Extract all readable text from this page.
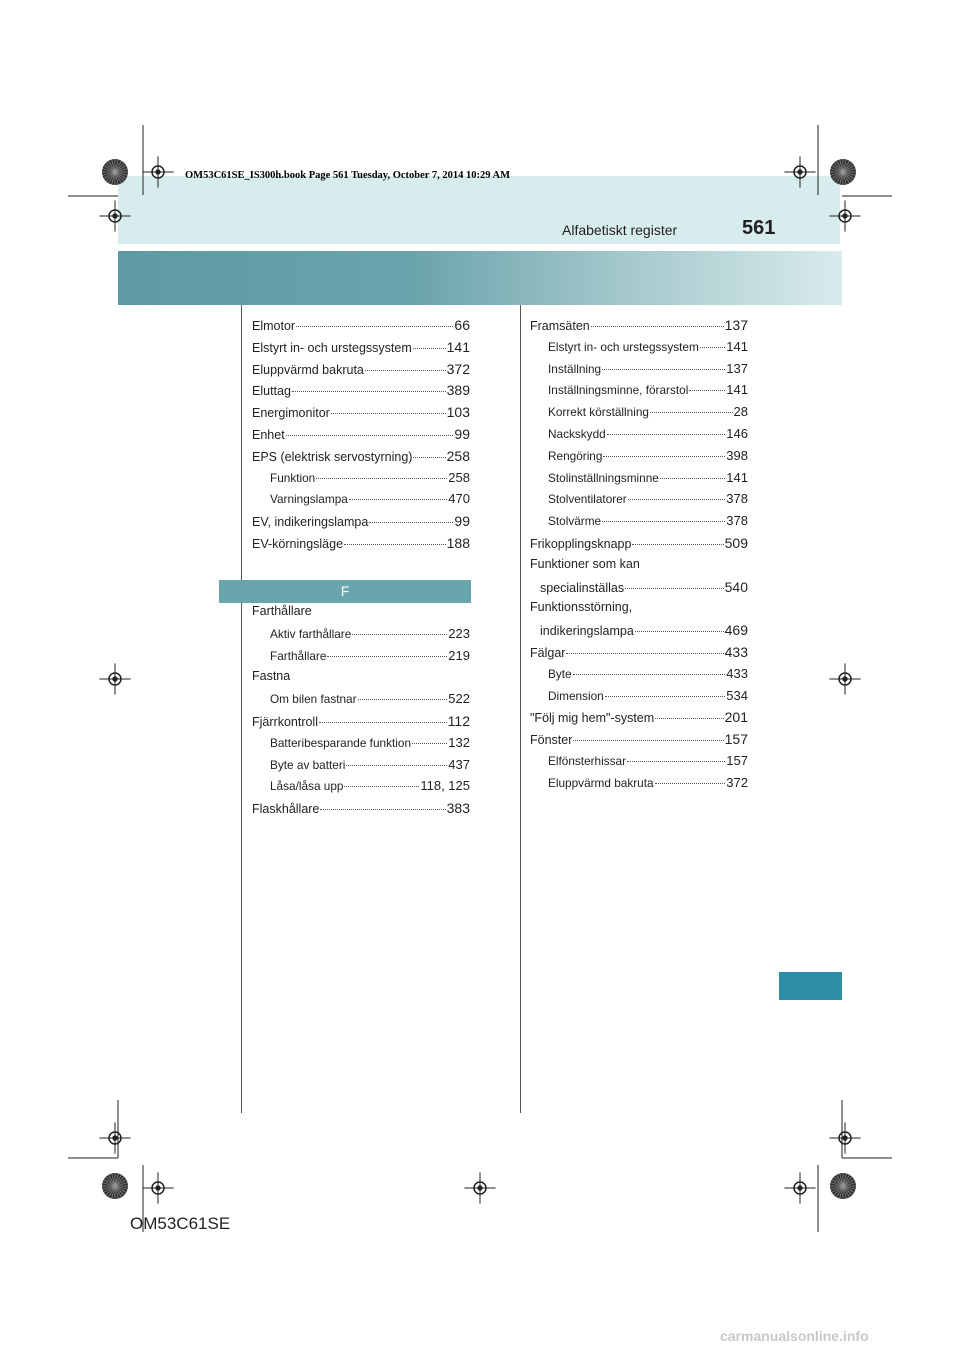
OM53C61SE_IS300h.book Page 561 Tuesday, October 7, 2014 10:29 AM
Alfabetiskt register	561
Elmotor	66
Elstyrt in- och urstegssystem 141
Eluppvärmd bakruta	372
Eluttag	389
Energimonitor	103
Enhet	99
EPS (elektrisk servostyrning) 258
Funktion	258
Varningslampa	470
EV, indikeringslampa	99
EV-körningsläge	188
F
Farthållare
Aktiv farthållare	223
Farthållare	219
Fastna
Om bilen fastnar	522
Fjärrkontroll	112
Batteribesparande funktion	132
Byte av batteri	437
Låsa/låsa upp	118, 125
Flaskhållare	383
Framsäten	137
Elstyrt in- och urstegssystem 141
Inställning	137
Inställningsminne, förarstol	141
Korrekt körställning	28
Nackskydd	146
Rengöring	398
Stolinställningsminne	141
Stolventilatorer	378
Stolvärme	378
Frikopplingsknapp	509
Funktioner som kan
specialinställas	540
Funktionsstörning,
indikeringslampa	469
Fälgar	433
Byte	433
Dimension	534
"Följ mig hem"-system	201
Fönster	157
Elfönsterhissar	157
Eluppvärmd bakruta	372
OM53C61SE
carmanualsonline.info
